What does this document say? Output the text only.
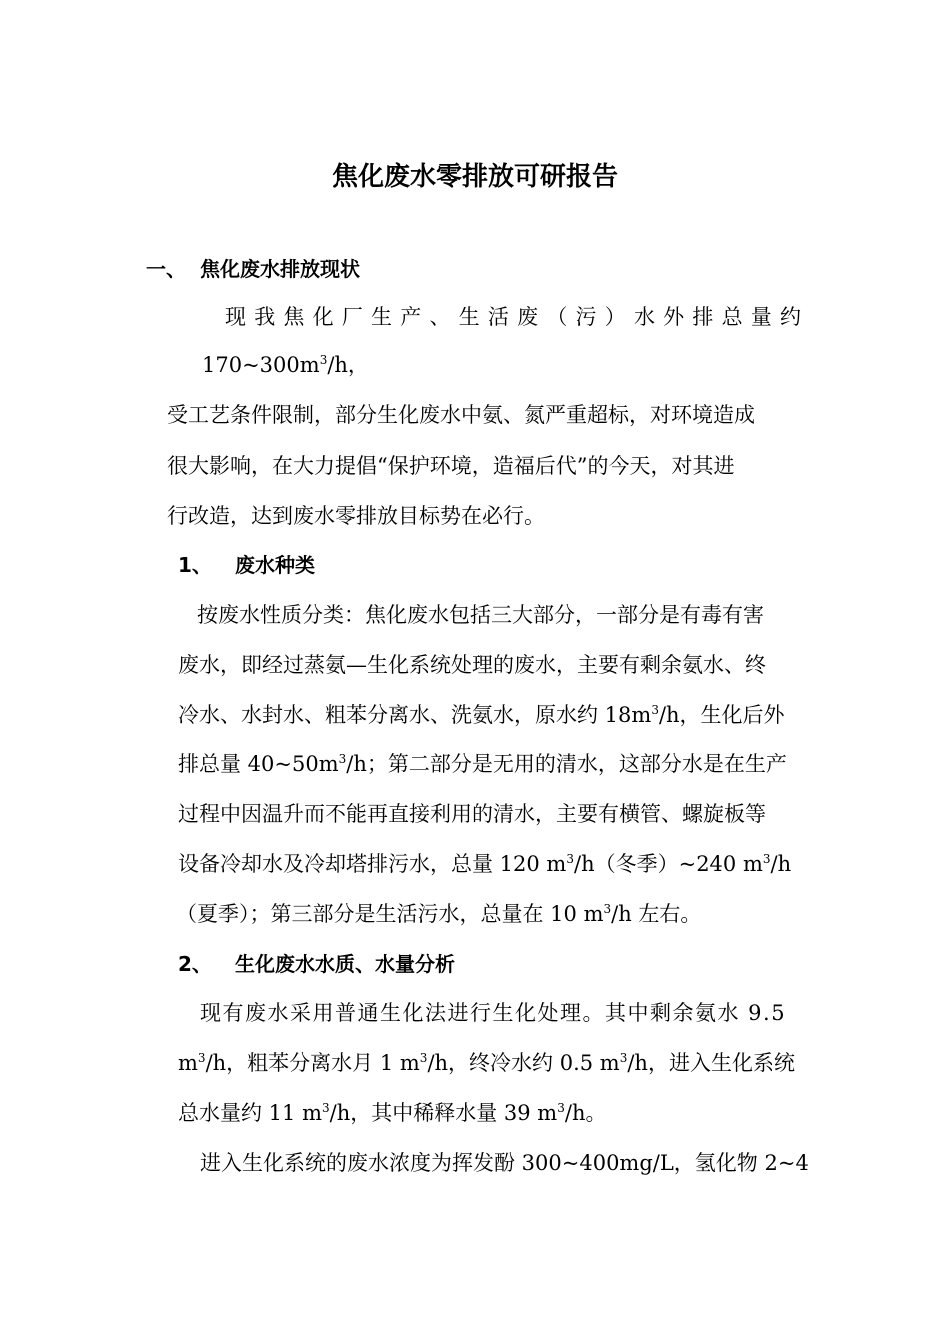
焦化废水零排放可研报告
一、 焦化废水排放现状
现我焦化厂生产、生活废（污）水外排总量约
$170\sim 300m^3/h$，
受工艺条件限制，部分生化废水中氨、氮严重超标，对环境造成
很大影响，在大力提倡“保护环境，造福后代”的今天，对其进
行改造，达到废水零排放目标势在必行。
1、 废水种类
按废水性质分类：焦化废水包括三大部分，一部分是有毒有害
废水，即经过蒸氨—生化系统处理的废水，主要有剩余氨水、终
冷水、水封水、粗苯分离水、洗氨水，原水约 $18m^3/h$，生化后外
排总量 $40\sim 50m^3/h$；第二部分是无用的清水，这部分水是在生产
过程中因温升而不能再直接利用的清水，主要有横管、螺旋板等
设备冷却水及冷却塔排污水，总量 120 $m^3/h$（冬季）~240 $m^3/h$
（夏季）；第三部分是生活污水，总量在 10 $m^3/h$ 左右。
2、 生化废水水质、水量分析
现有废水采用普通生化法进行生化处理。其中剩余氨水 9.5
$m^3/h$，粗苯分离水月 1 $m^3/h$，终冷水约 0.5 $m^3/h$，进入生化系统
总水量约 11 $m^3/h$，其中稀释水量 39 $m^3/h$。
进入生化系统的废水浓度为挥发酚 300~400mg/L，氢化物 2~4
